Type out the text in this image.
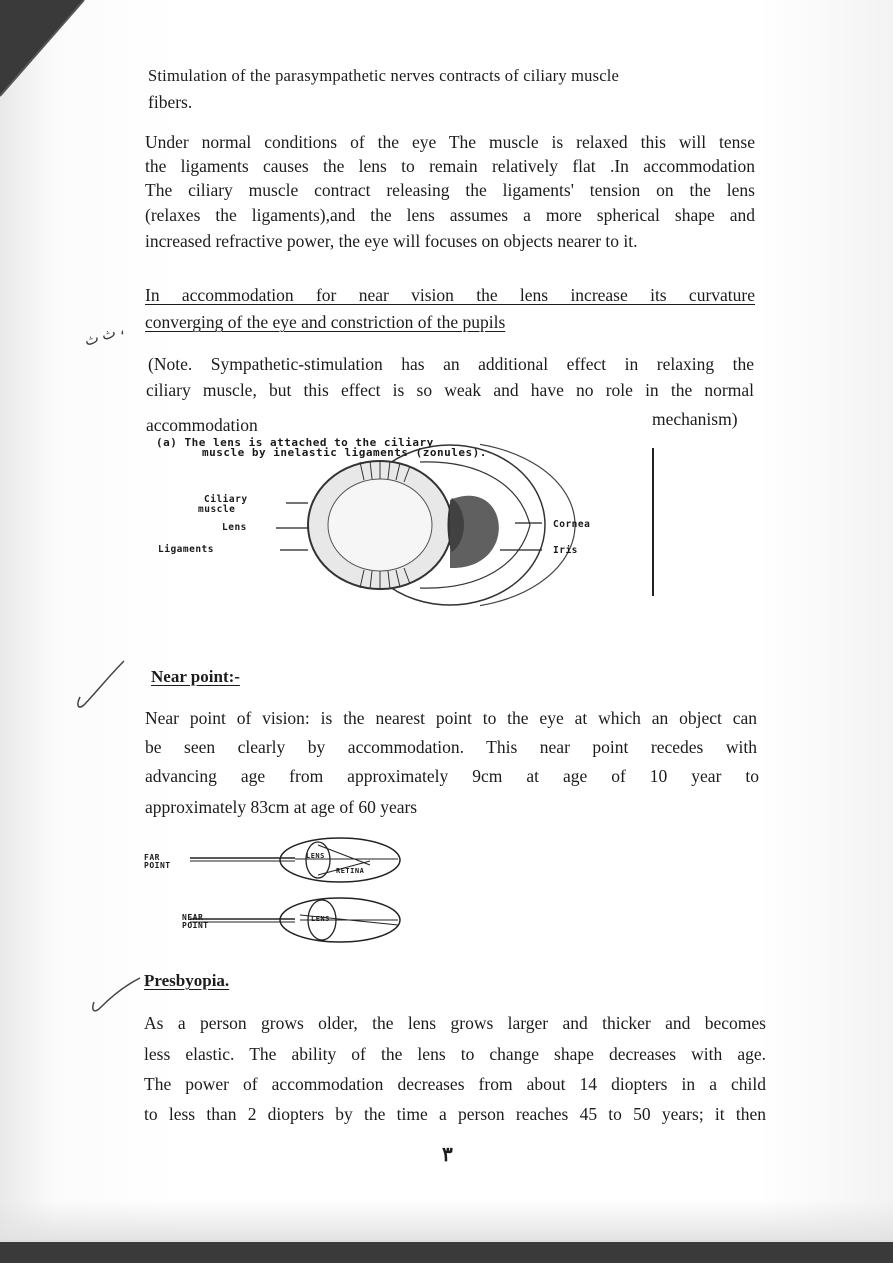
Stimulation of the parasympathetic nerves contracts of ciliary muscle
fibers.
Under normal conditions of the eye The muscle is relaxed this will tense
the ligaments causes the lens to remain relatively flat .In accommodation
The ciliary muscle contract releasing the ligaments' tension on the lens
(relaxes the ligaments),and the lens assumes a more spherical shape and
increased refractive power, the eye will focuses on objects nearer to it.
In accommodation for near vision the lens increase its curvature
converging of the eye and constriction of the pupils
ث ث ،
(Note. Sympathetic-stimulation has an additional effect in relaxing the
ciliary muscle, but this effect is so weak and have no role in the normal
accommodation	mechanism)
(a) The lens is attached to the ciliary
muscle by inelastic ligaments (zonules).
Ciliary
muscle
Lens
Ligaments
Cornea
Iris
Near point:-
Near point of vision: is the nearest point to the eye at which an object can
be seen clearly by accommodation. This near point recedes with
advancing age from approximately 9cm at age of 10 year to
approximately 83cm at age of 60 years
FAR
POINT
LENS
RETINA
NEAR
POINT
LENS
Presbyopia.
As a person grows older, the lens grows larger and thicker and becomes
less elastic. The ability of the lens to change shape decreases with age.
The power of accommodation decreases from about 14 diopters in a child
to less than 2 diopters by the time a person reaches 45 to 50 years; it then
٣
